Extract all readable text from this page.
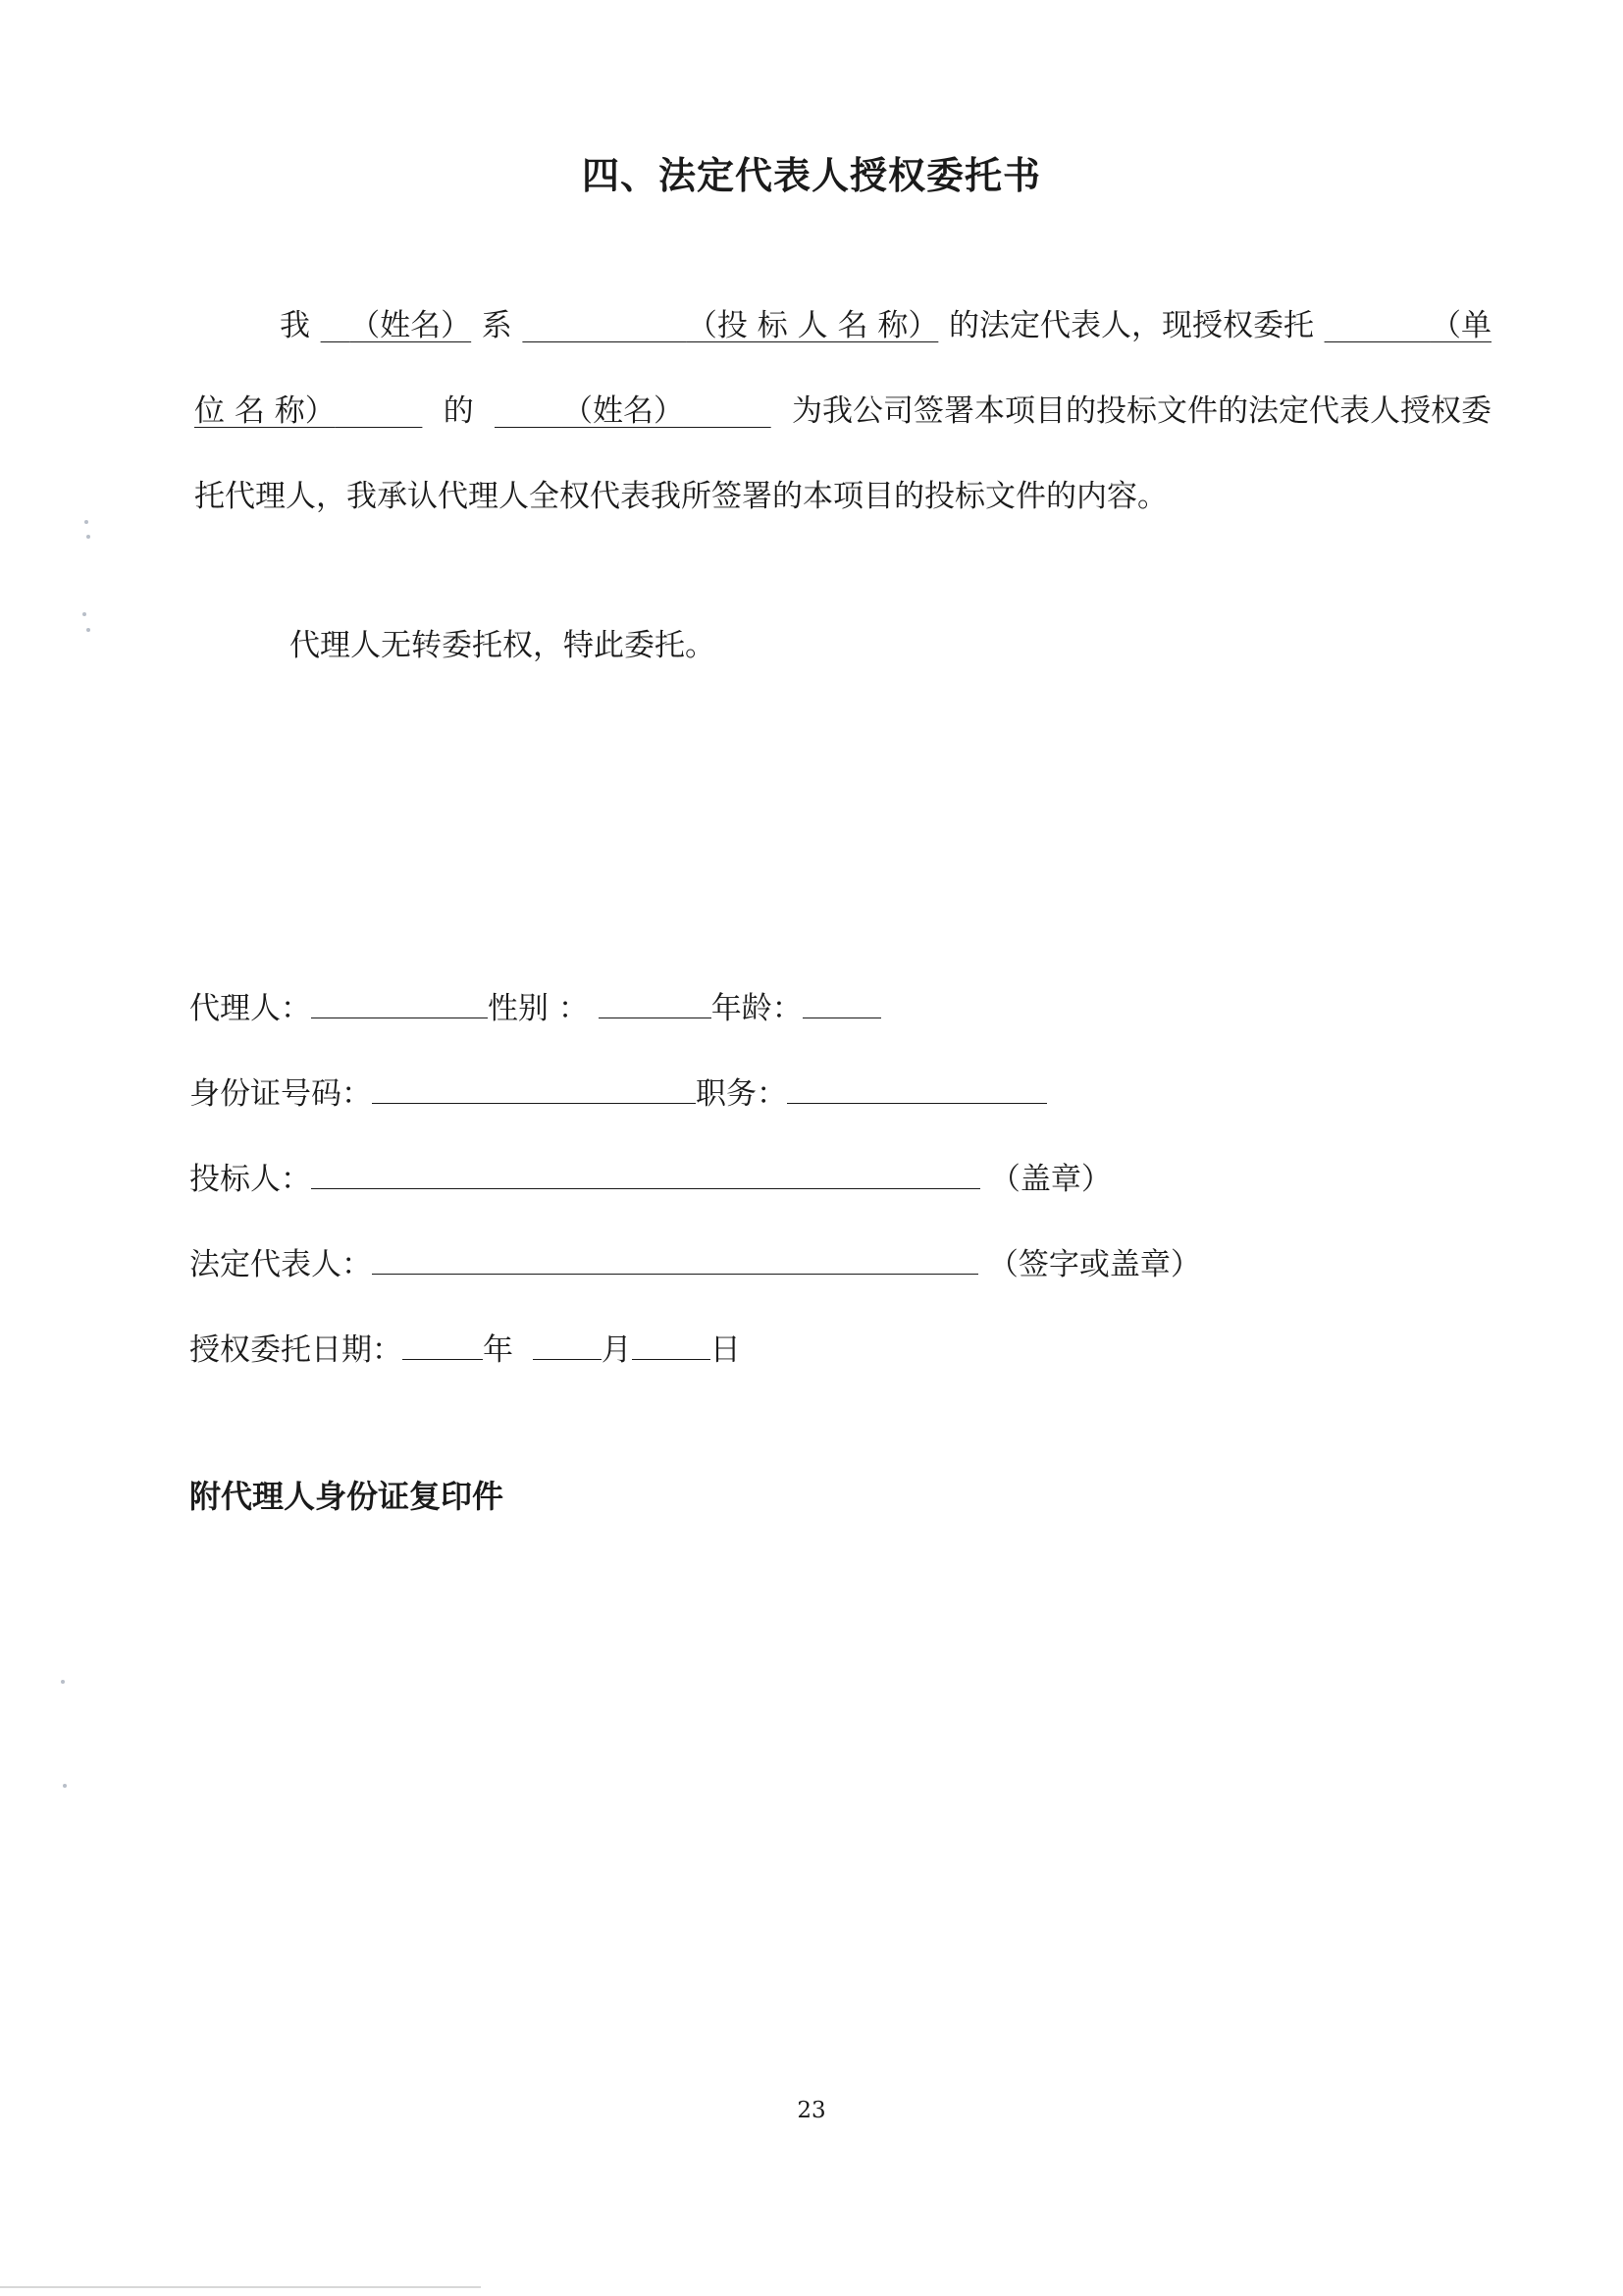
四、法定代表人授权委托书
我	（姓名） 系	（投 标 人 名 称） 的法定代表人，现授权委托	（单
位 名 称）	的	（姓名）	为我公司签署本项目的投标文件的法定代表人授权委
托代理人，我承认代理人全权代表我所签署的本项目的投标文件的内容。
代理人无转委托权，特此委托。
代理人：	性别 ：	年龄：
身份证号码：	职务：
投标人：	（盖章）
法定代表人：	（签字或盖章）
授权委托日期：	年	月	日
附代理人身份证复印件
23
